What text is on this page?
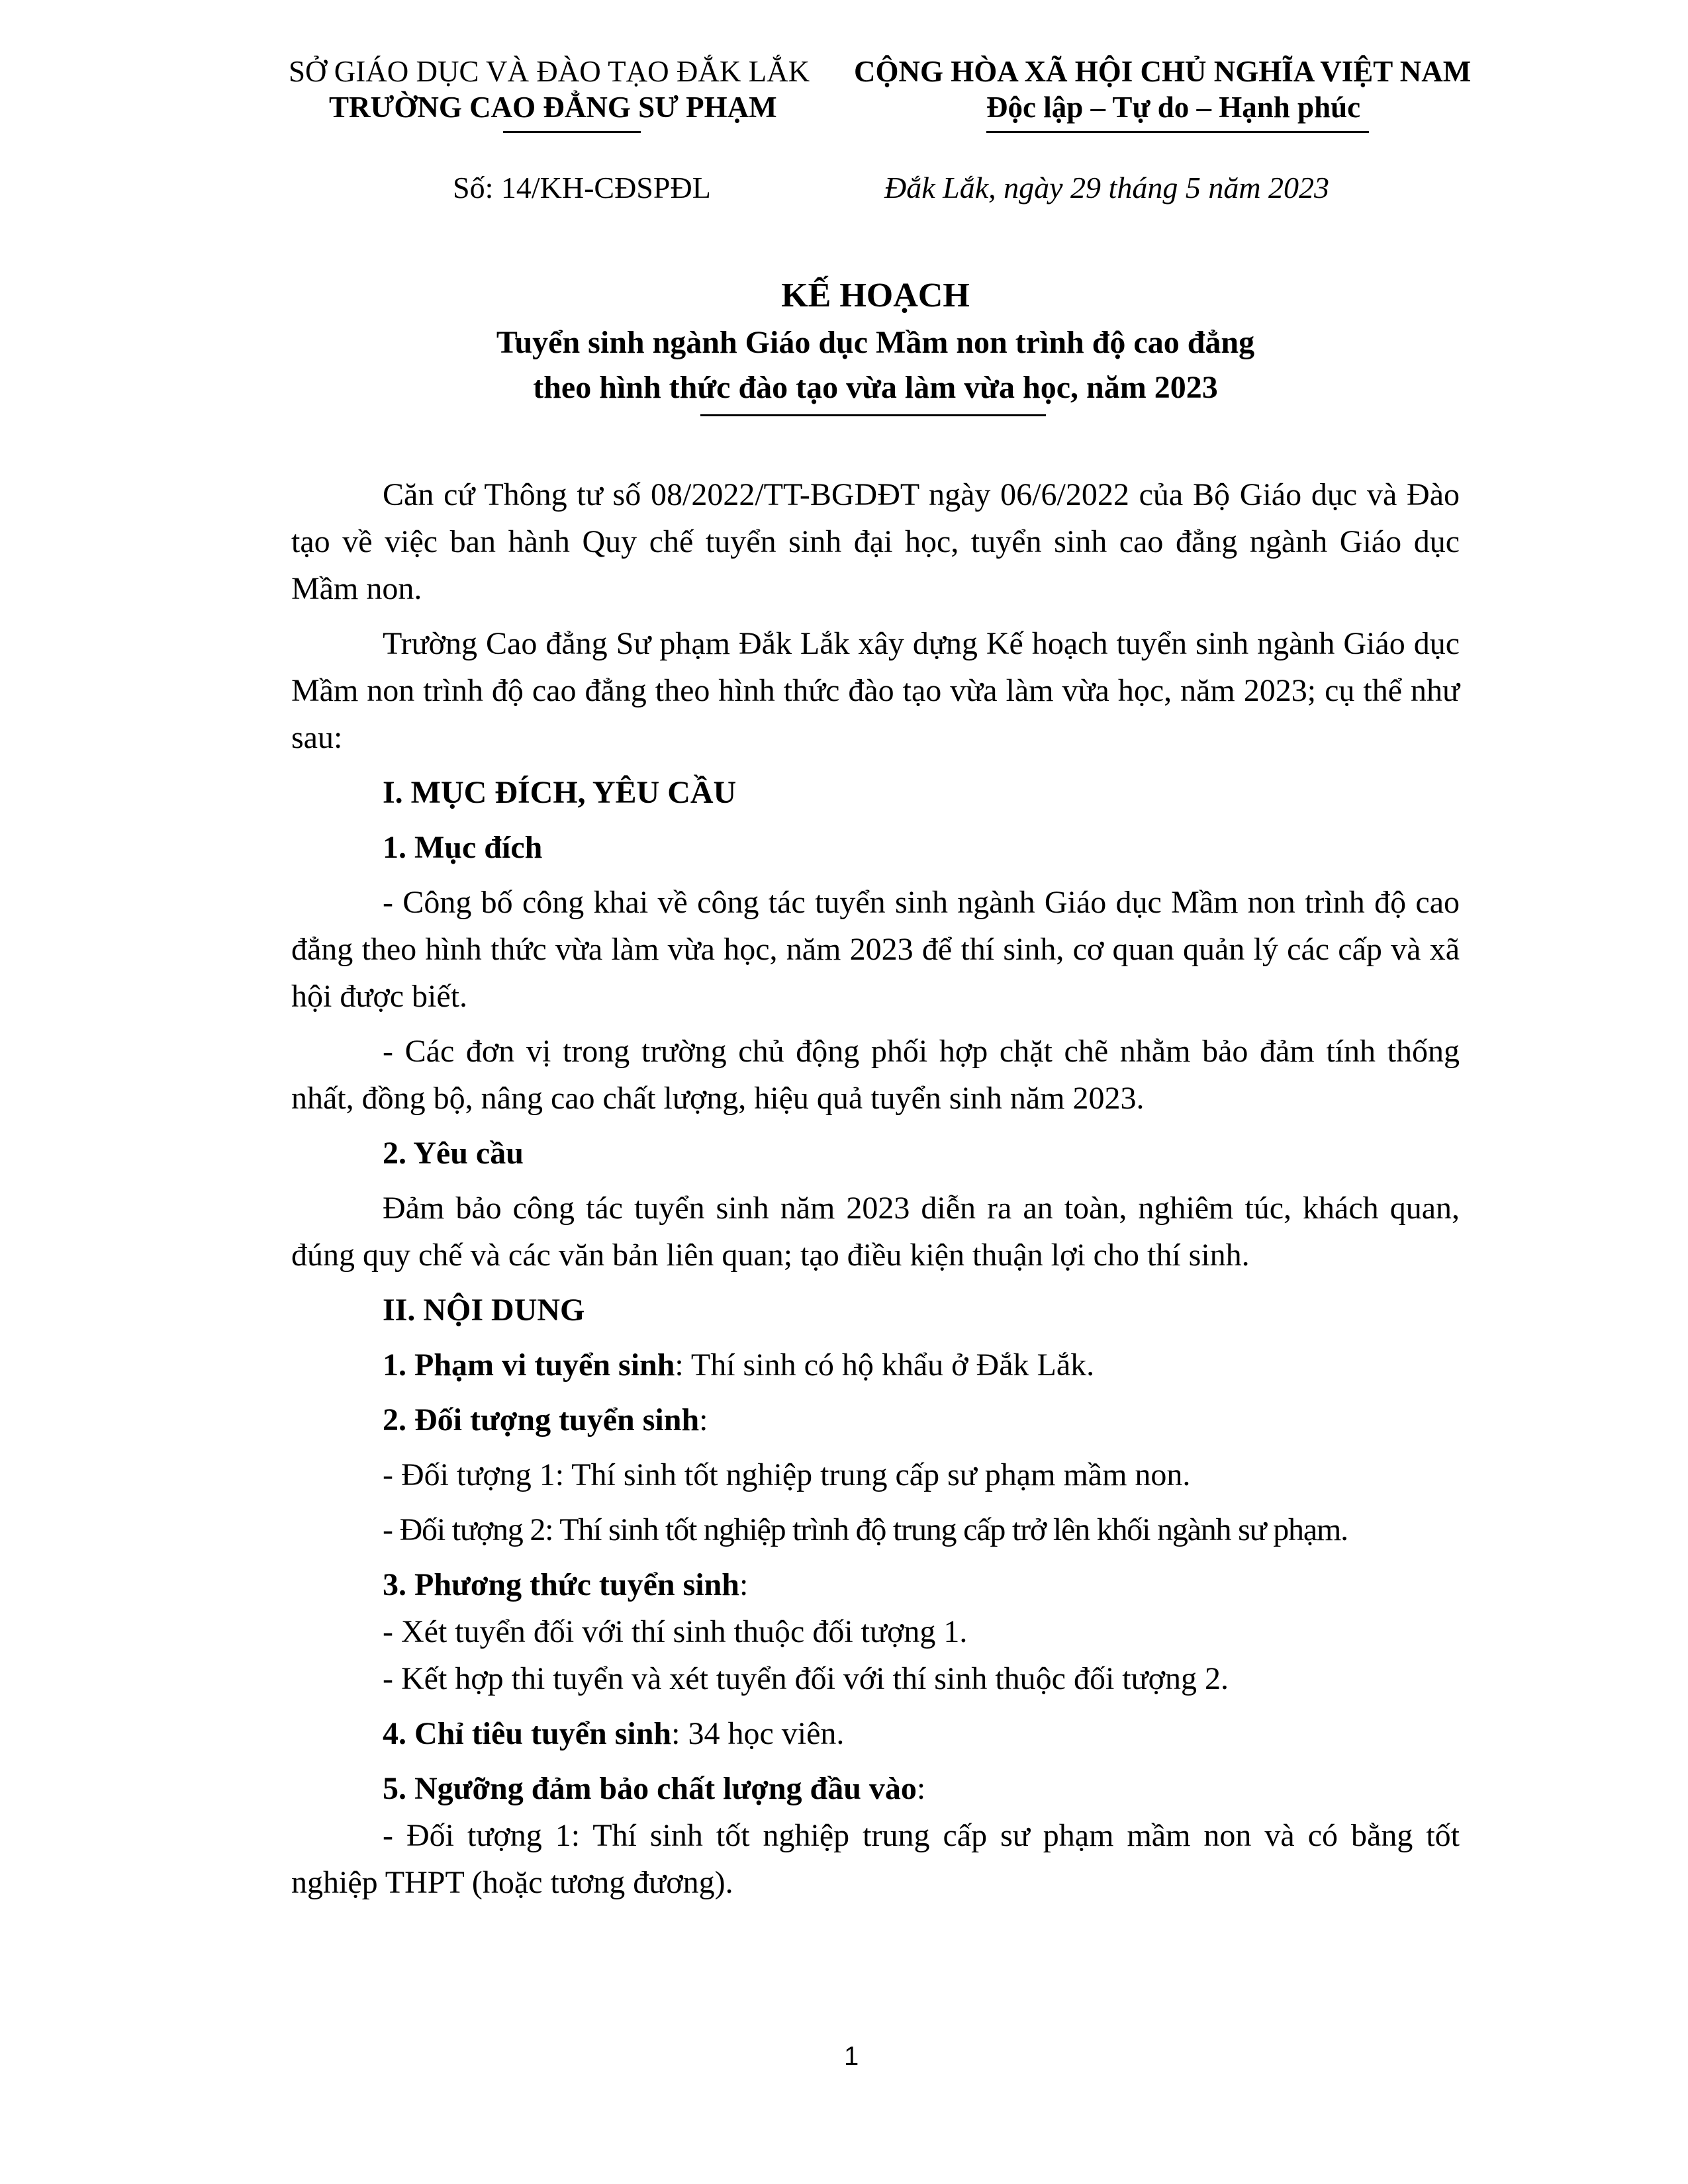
SỞ GIÁO DỤC VÀ ĐÀO TẠO ĐẮK LẮK
TRƯỜNG CAO ĐẲNG SƯ PHẠM
CỘNG HÒA XÃ HỘI CHỦ NGHĨA VIỆT NAM
Độc lập – Tự do – Hạnh phúc
Số: 14/KH-CĐSPĐL	Đắk Lắk, ngày 29 tháng 5 năm 2023
KẾ HOẠCH
Tuyển sinh ngành Giáo dục Mầm non trình độ cao đẳng
theo hình thức đào tạo vừa làm vừa học, năm 2023

Căn cứ Thông tư số 08/2022/TT-BGDĐT ngày 06/6/2022 của Bộ Giáo dục và Đào tạo về việc ban hành Quy chế tuyển sinh đại học, tuyển sinh cao đẳng ngành Giáo dục Mầm non.

Trường Cao đẳng Sư phạm Đắk Lắk xây dựng Kế hoạch tuyển sinh ngành Giáo dục Mầm non trình độ cao đẳng theo hình thức đào tạo vừa làm vừa học, năm 2023; cụ thể như sau:

I. MỤC ĐÍCH, YÊU CẦU

1. Mục đích

- Công bố công khai về công tác tuyển sinh ngành Giáo dục Mầm non trình độ cao đẳng theo hình thức vừa làm vừa học, năm 2023 để thí sinh, cơ quan quản lý các cấp và xã hội được biết.

- Các đơn vị trong trường chủ động phối hợp chặt chẽ nhằm bảo đảm tính thống nhất, đồng bộ, nâng cao chất lượng, hiệu quả tuyển sinh năm 2023.

2. Yêu cầu

Đảm bảo công tác tuyển sinh năm 2023 diễn ra an toàn, nghiêm túc, khách quan, đúng quy chế và các văn bản liên quan; tạo điều kiện thuận lợi cho thí sinh.

II. NỘI DUNG

1. Phạm vi tuyển sinh: Thí sinh có hộ khẩu ở Đắk Lắk.

2. Đối tượng tuyển sinh:

- Đối tượng 1: Thí sinh tốt nghiệp trung cấp sư phạm mầm non.

- Đối tượng 2: Thí sinh tốt nghiệp trình độ trung cấp trở lên khối ngành sư phạm.

3. Phương thức tuyển sinh:

- Xét tuyển đối với thí sinh thuộc đối tượng 1.

- Kết hợp thi tuyển và xét tuyển đối với thí sinh thuộc đối tượng 2.

4. Chỉ tiêu tuyển sinh: 34 học viên.

5. Ngưỡng đảm bảo chất lượng đầu vào:

- Đối tượng 1: Thí sinh tốt nghiệp trung cấp sư phạm mầm non và có bằng tốt nghiệp THPT (hoặc tương đương).

1
